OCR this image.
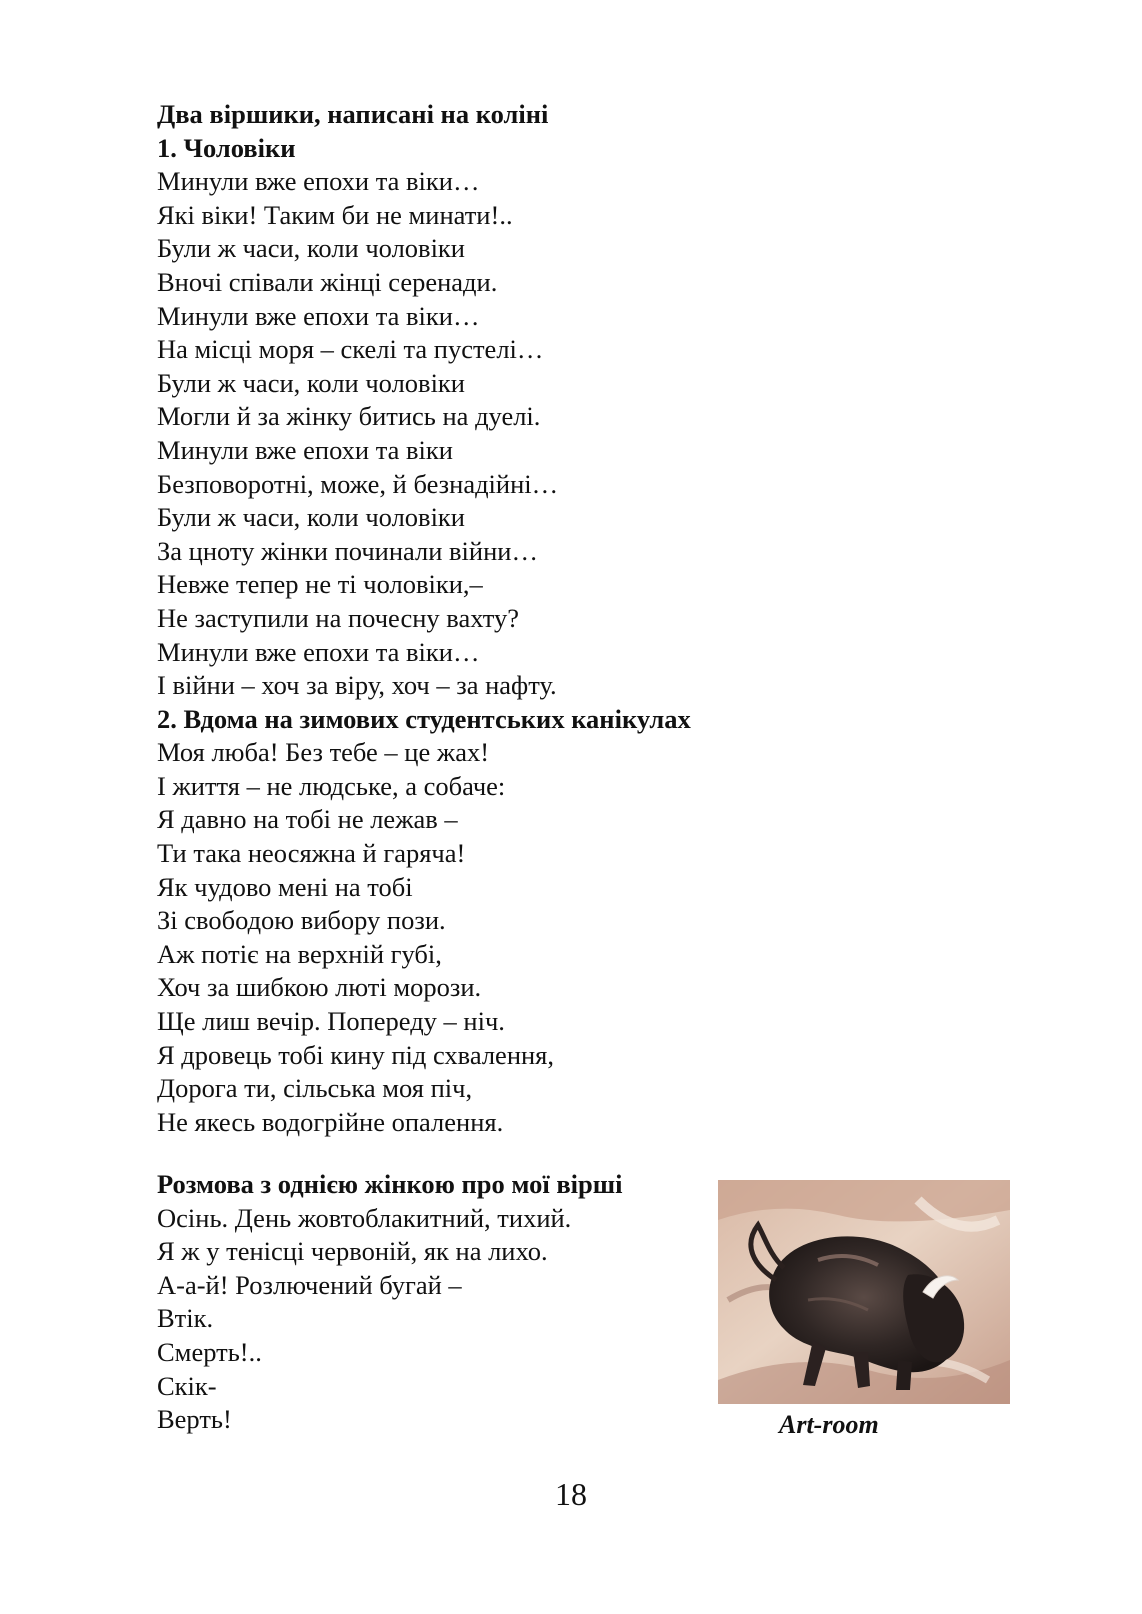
Два віршики, написані на коліні
1. Чоловіки
Минули вже епохи та віки…
Які віки! Таким би не минати!..
Були ж часи, коли чоловіки
Вночі співали жінці серенади.
Минули вже епохи та віки…
На місці моря – скелі та пустелі…
Були ж часи, коли чоловіки
Могли й за жінку битись на дуелі.
Минули вже епохи та віки
Безповоротні, може, й безнадійні…
Були ж часи, коли чоловіки
За цноту жінки починали війни…
Невже тепер не ті чоловіки,–
Не заступили на почесну вахту?
Минули вже епохи та віки…
І війни – хоч за віру, хоч – за нафту.
2. Вдома на зимових студентських канікулах
Моя люба! Без тебе – це жах!
І життя – не людське, а собаче:
Я давно на тобі не лежав –
Ти така неосяжна й гаряча!
Як чудово мені на тобі
Зі свободою вибору пози.
Аж потіє на верхній губі,
Хоч за шибкою люті морози.
Ще лиш вечір. Попереду – ніч.
Я дровець тобі кину під схвалення,
Дорога ти, сільська моя піч,
Не якесь водогрійне опалення.
Розмова з однією жінкою про мої вірші
Осінь. День жовтоблакитний, тихий.
Я ж у тенісці червоній, як на лихо.
А-а-й! Розлючений бугай –
Втік.
Смерть!..
Скік-
Верть!	Art-room
18
